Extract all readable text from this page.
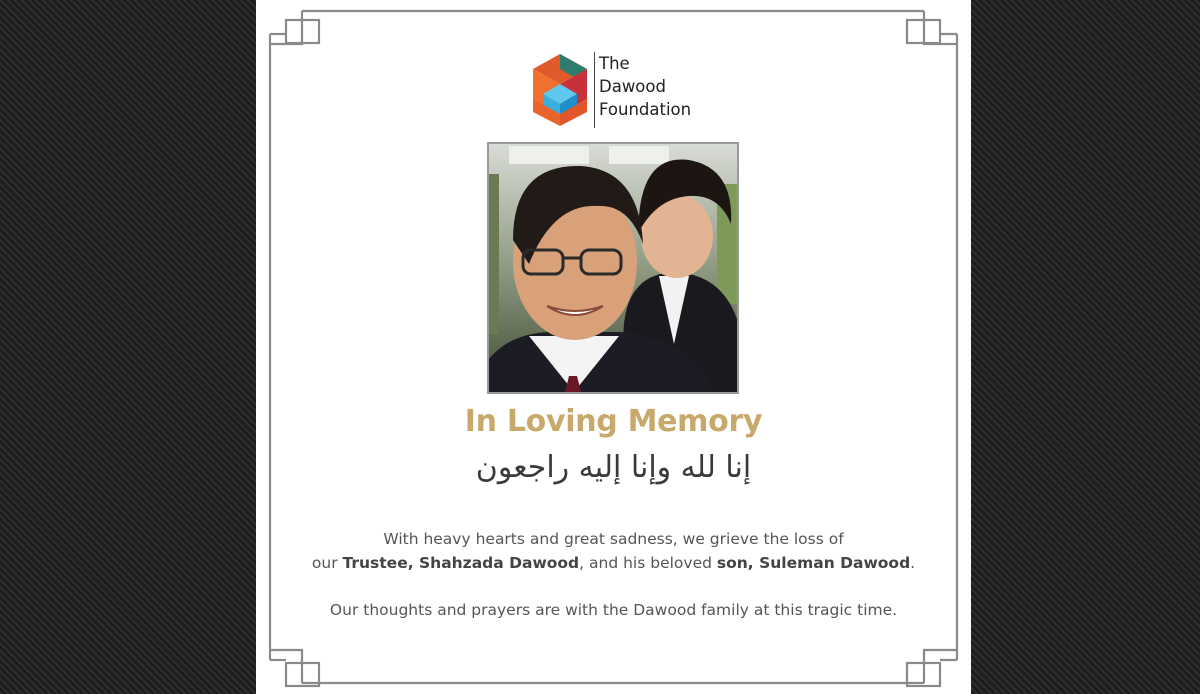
The
Dawood
Foundation
In Loving Memory
إنا لله وإنا إليه راجعون
With heavy hearts and great sadness, we grieve the loss of
our Trustee, Shahzada Dawood, and his beloved son, Suleman Dawood.
Our thoughts and prayers are with the Dawood family at this tragic time.
